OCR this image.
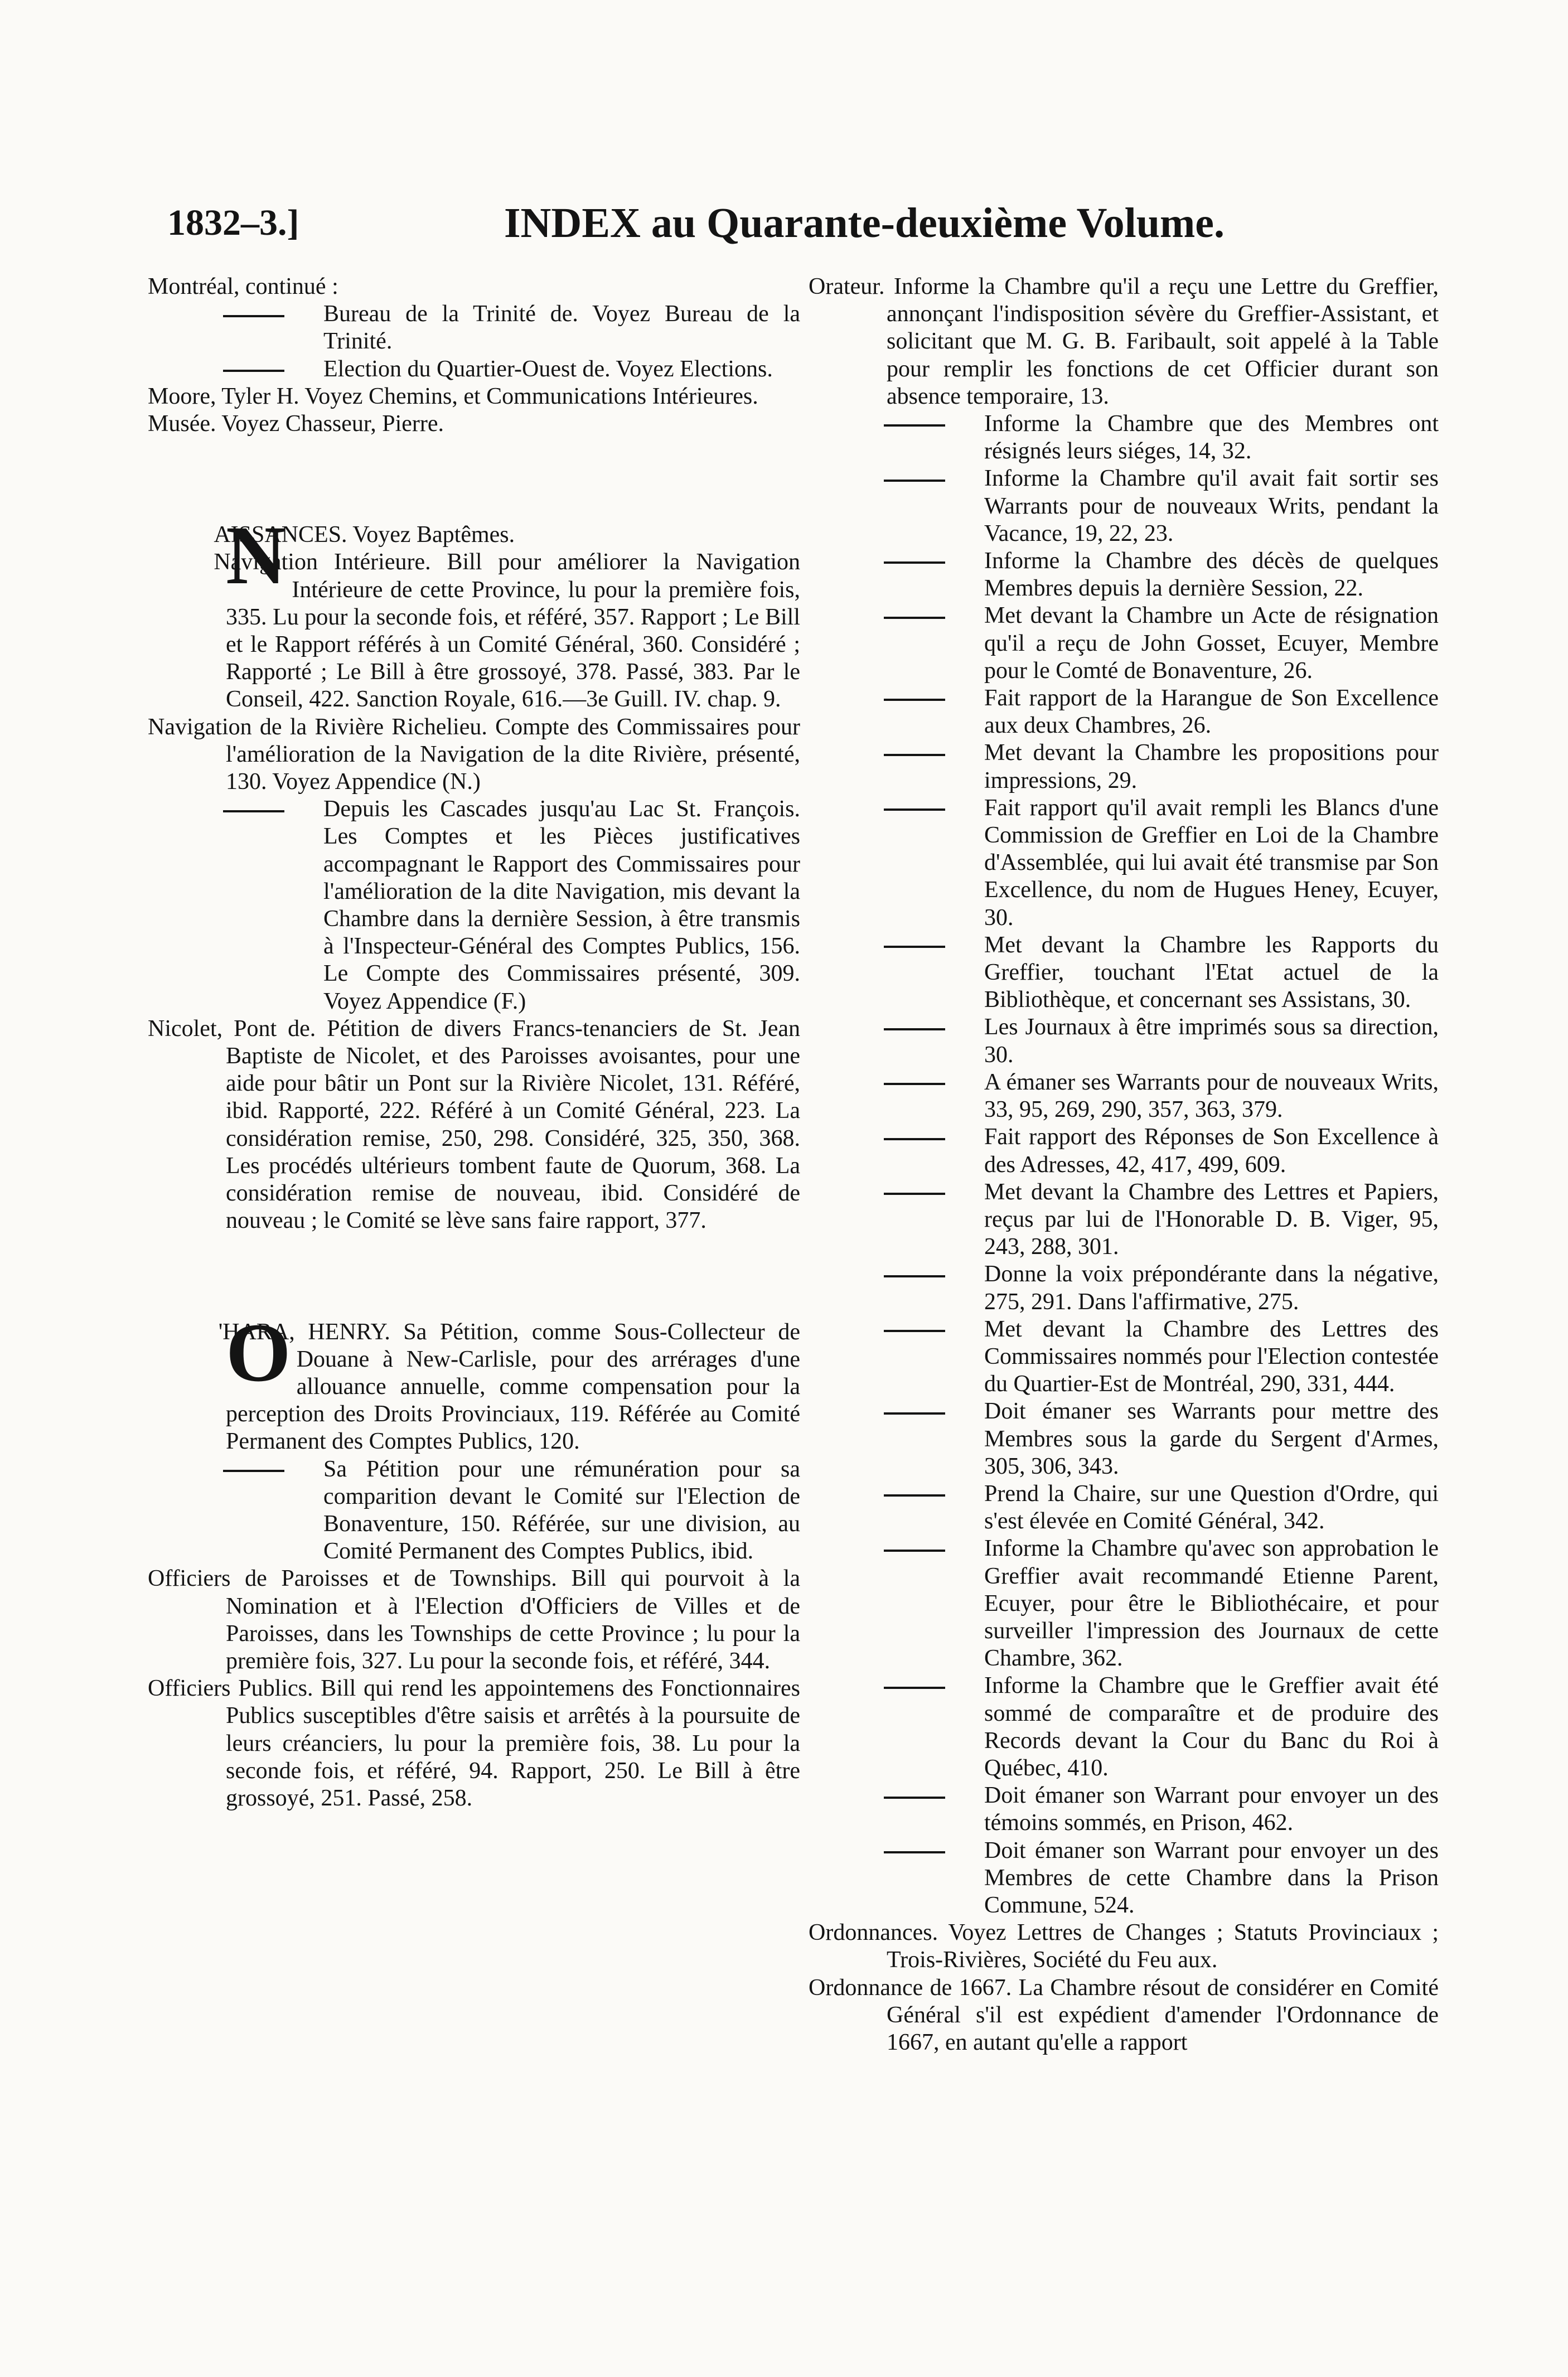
1832–3.]	INDEX au Quarante-deuxième Volume.

Montréal, continué :

Bureau de la Trinité de. Voyez Bureau de la Trinité.

Election du Quartier-Ouest de. Voyez Elections.

Moore, Tyler H. Voyez Chemins, et Communications Intérieures.

Musée. Voyez Chasseur, Pierre.

N
AISSANCES. Voyez Baptêmes.

Navigation Intérieure. Bill pour améliorer la Navigation Intérieure de cette Province, lu pour la première fois, 335. Lu pour la seconde fois, et référé, 357. Rapport ; Le Bill et le Rapport référés à un Comité Général, 360. Considéré ; Rapporté ; Le Bill à être grossoyé, 378. Passé, 383. Par le Conseil, 422. Sanction Royale, 616.—3e Guill. IV. chap. 9.

Navigation de la Rivière Richelieu. Compte des Commissaires pour l'amélioration de la Navigation de la dite Rivière, présenté, 130. Voyez Appendice (N.)

Depuis les Cascades jusqu'au Lac St. François. Les Comptes et les Pièces justificatives accompagnant le Rapport des Commissaires pour l'amélioration de la dite Navigation, mis devant la Chambre dans la dernière Session, à être transmis à l'Inspecteur-Général des Comptes Publics, 156. Le Compte des Commissaires présenté, 309. Voyez Appendice (F.)

Nicolet, Pont de. Pétition de divers Francs-tenanciers de St. Jean Baptiste de Nicolet, et des Paroisses avoisantes, pour une aide pour bâtir un Pont sur la Rivière Nicolet, 131. Référé, ibid. Rapporté, 222. Référé à un Comité Général, 223. La considération remise, 250, 298. Considéré, 325, 350, 368. Les procédés ultérieurs tombent faute de Quorum, 368. La considération remise de nouveau, ibid. Considéré de nouveau ; le Comité se lève sans faire rapport, 377.

O
'HARA, HENRY. Sa Pétition, comme Sous-Collecteur de Douane à New-Carlisle, pour des arrérages d'une allouance annuelle, comme compensation pour la perception des Droits Provinciaux, 119. Référée au Comité Permanent des Comptes Publics, 120.

Sa Pétition pour une rémunération pour sa comparition devant le Comité sur l'Election de Bonaventure, 150. Référée, sur une division, au Comité Permanent des Comptes Publics, ibid.

Officiers de Paroisses et de Townships. Bill qui pourvoit à la Nomination et à l'Election d'Officiers de Villes et de Paroisses, dans les Townships de cette Province ; lu pour la première fois, 327. Lu pour la seconde fois, et référé, 344.

Officiers Publics. Bill qui rend les appointemens des Fonctionnaires Publics susceptibles d'être saisis et arrêtés à la poursuite de leurs créanciers, lu pour la première fois, 38. Lu pour la seconde fois, et référé, 94. Rapport, 250. Le Bill à être grossoyé, 251. Passé, 258.

Orateur. Informe la Chambre qu'il a reçu une Lettre du Greffier, annonçant l'indisposition sévère du Greffier-Assistant, et solicitant que M. G. B. Faribault, soit appelé à la Table pour remplir les fonctions de cet Officier durant son absence temporaire, 13.

Informe la Chambre que des Membres ont résignés leurs siéges, 14, 32.

Informe la Chambre qu'il avait fait sortir ses Warrants pour de nouveaux Writs, pendant la Vacance, 19, 22, 23.

Informe la Chambre des décès de quelques Membres depuis la dernière Session, 22.

Met devant la Chambre un Acte de résignation qu'il a reçu de John Gosset, Ecuyer, Membre pour le Comté de Bonaventure, 26.

Fait rapport de la Harangue de Son Excellence aux deux Chambres, 26.

Met devant la Chambre les propositions pour impressions, 29.

Fait rapport qu'il avait rempli les Blancs d'une Commission de Greffier en Loi de la Chambre d'Assemblée, qui lui avait été transmise par Son Excellence, du nom de Hugues Heney, Ecuyer, 30.

Met devant la Chambre les Rapports du Greffier, touchant l'Etat actuel de la Bibliothèque, et concernant ses Assistans, 30.

Les Journaux à être imprimés sous sa direction, 30.

A émaner ses Warrants pour de nouveaux Writs, 33, 95, 269, 290, 357, 363, 379.

Fait rapport des Réponses de Son Excellence à des Adresses, 42, 417, 499, 609.

Met devant la Chambre des Lettres et Papiers, reçus par lui de l'Honorable D. B. Viger, 95, 243, 288, 301.

Donne la voix prépondérante dans la négative, 275, 291. Dans l'affirmative, 275.

Met devant la Chambre des Lettres des Commissaires nommés pour l'Election contestée du Quartier-Est de Montréal, 290, 331, 444.

Doit émaner ses Warrants pour mettre des Membres sous la garde du Sergent d'Armes, 305, 306, 343.

Prend la Chaire, sur une Question d'Ordre, qui s'est élevée en Comité Général, 342.

Informe la Chambre qu'avec son approbation le Greffier avait recommandé Etienne Parent, Ecuyer, pour être le Bibliothécaire, et pour surveiller l'impression des Journaux de cette Chambre, 362.

Informe la Chambre que le Greffier avait été sommé de comparaître et de produire des Records devant la Cour du Banc du Roi à Québec, 410.

Doit émaner son Warrant pour envoyer un des témoins sommés, en Prison, 462.

Doit émaner son Warrant pour envoyer un des Membres de cette Chambre dans la Prison Commune, 524.

Ordonnances. Voyez Lettres de Changes ; Statuts Provinciaux ; Trois-Rivières, Société du Feu aux.

Ordonnance de 1667. La Chambre résout de considérer en Comité Général s'il est expédient d'amender l'Ordonnance de 1667, en autant qu'elle a rapport
